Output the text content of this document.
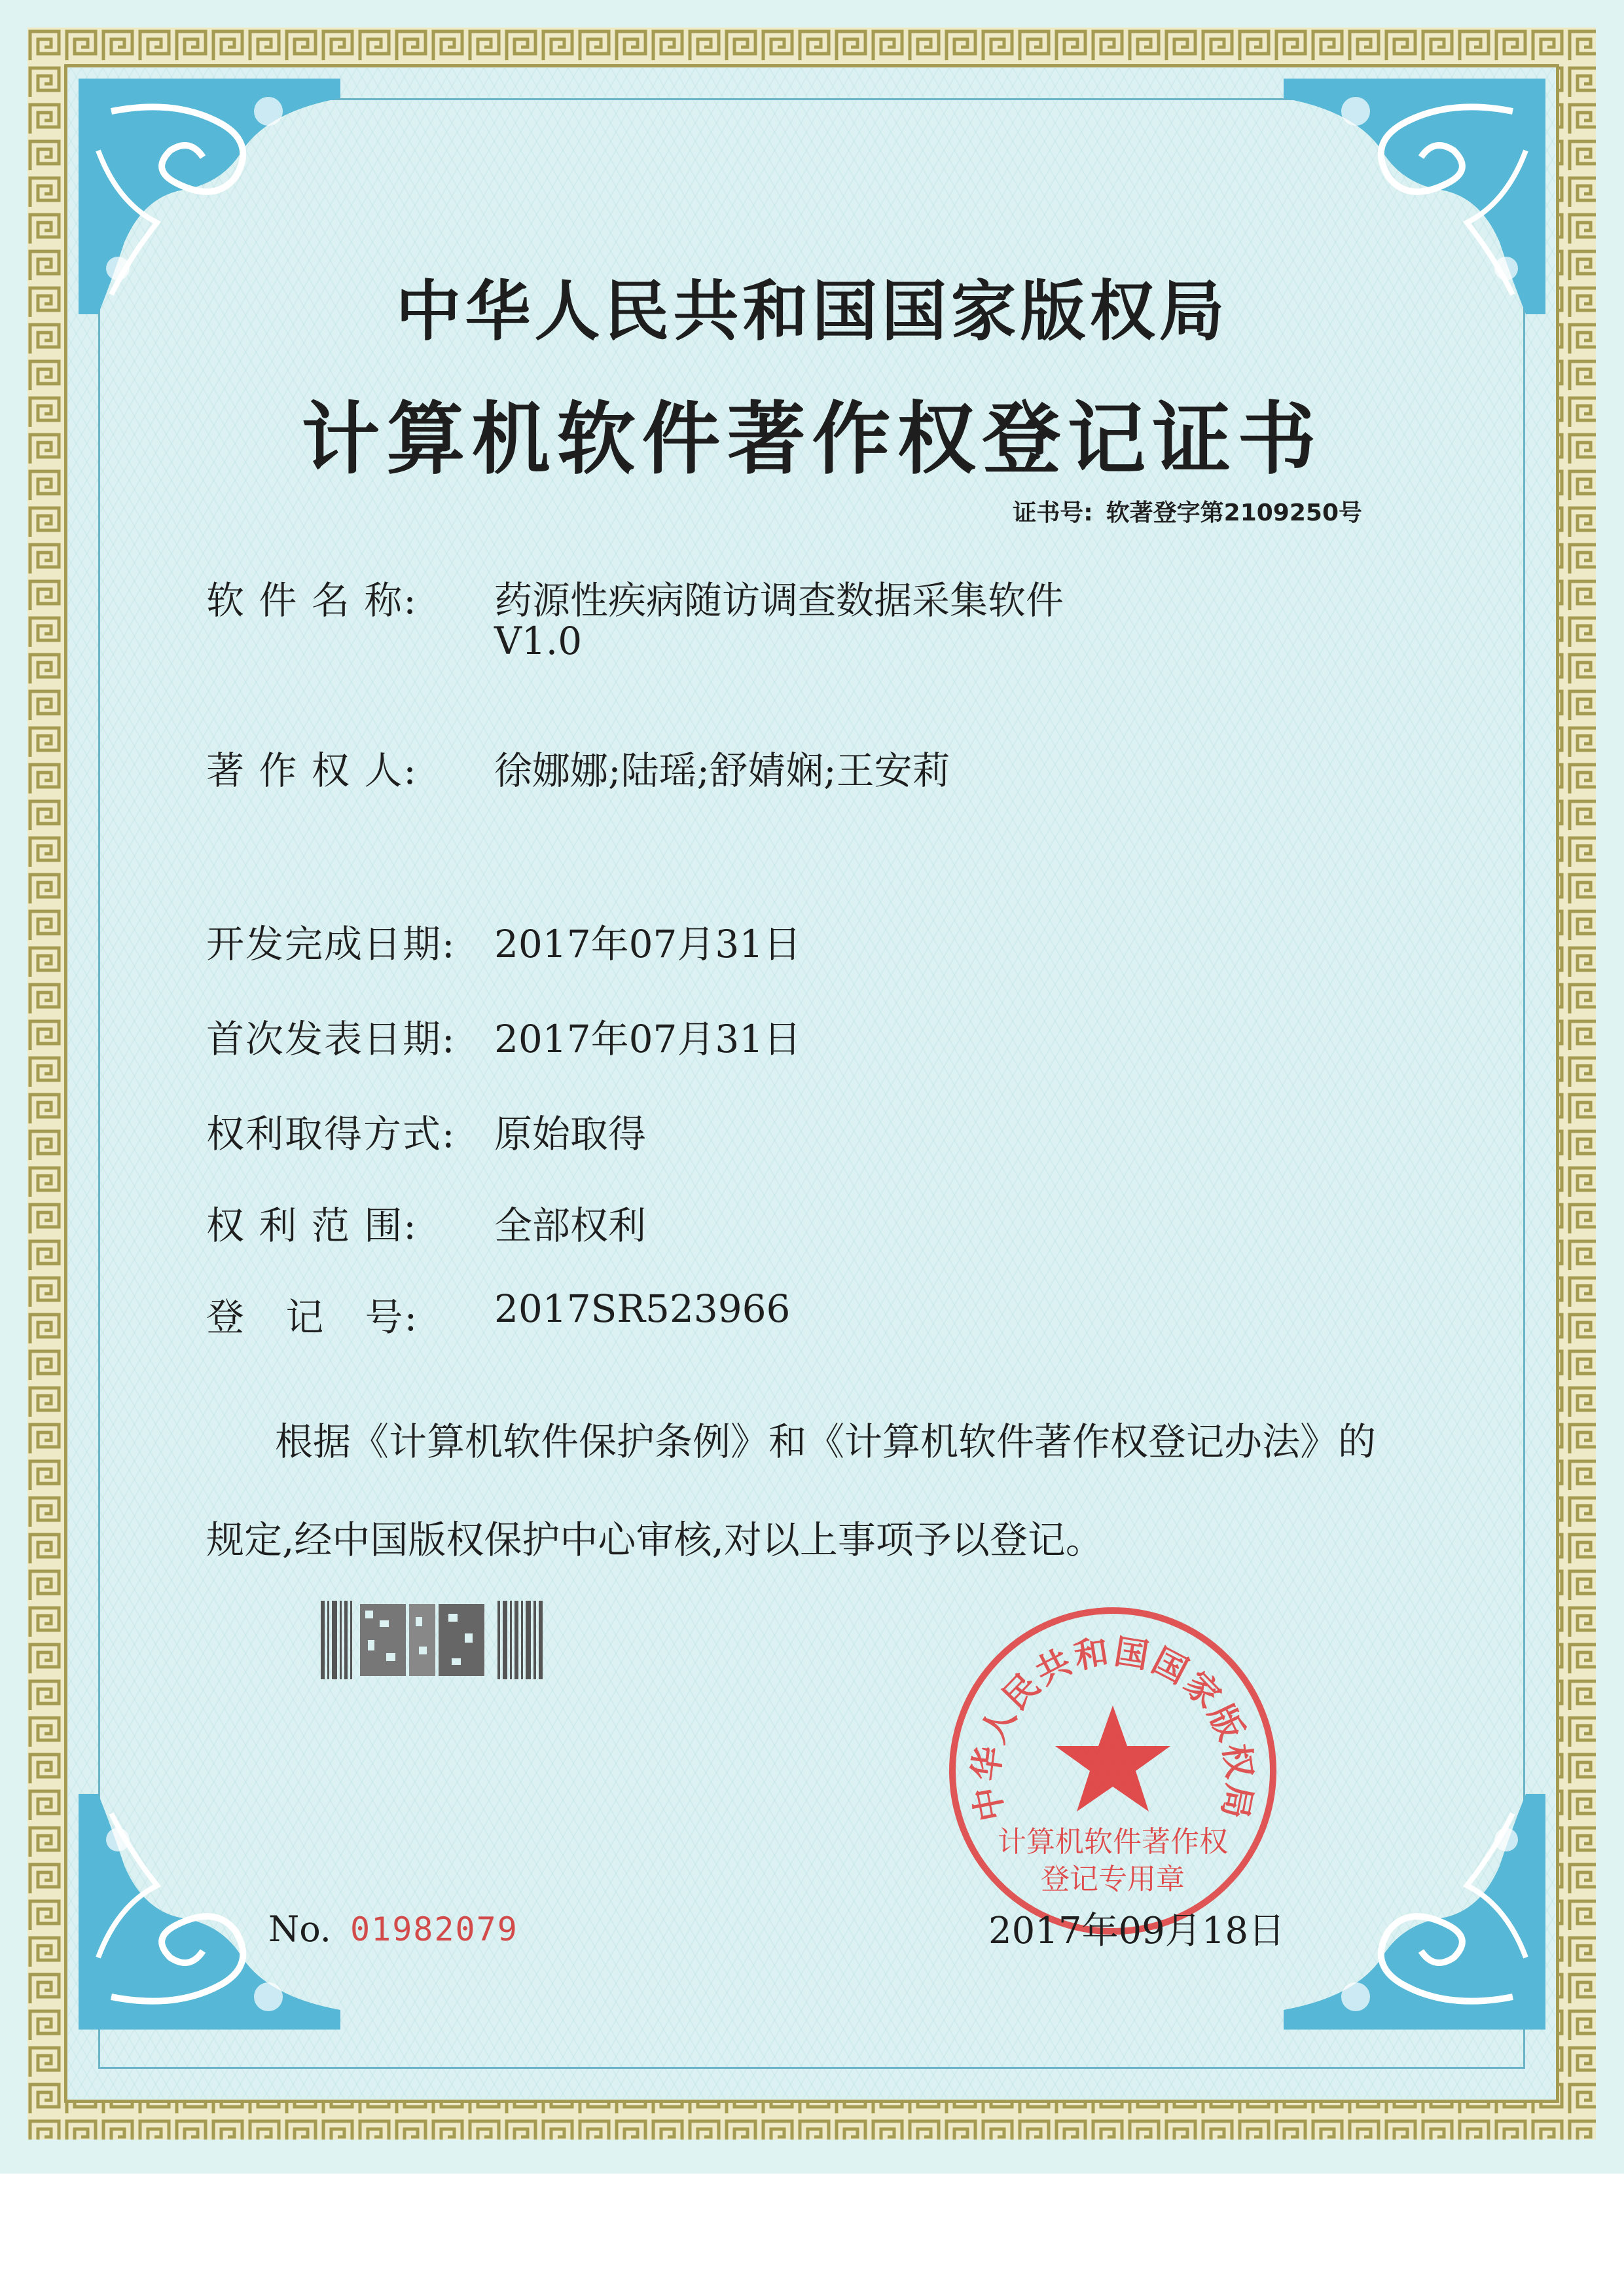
中华人民共和国国家版权局
计算机软件著作权登记证书
证书号: 软著登字第2109250号
软 件 名 称: 药源性疾病随访调查数据采集软件
V1.0
著 作 权 人: 徐娜娜;陆瑶;舒婧娴;王安莉
开发完成日期: 2017年07月31日
首次发表日期: 2017年07月31日
权利取得方式: 原始取得
权 利 范 围: 全部权利
登   记   号: 2017SR523966
根据《计算机软件保护条例》和《计算机软件著作权登记办法》的
规定,经中国版权保护中心审核,对以上事项予以登记。
中华人民共和国国家版权局
计算机软件著作权
登记专用章
No. 01982079	2017年09月18日
